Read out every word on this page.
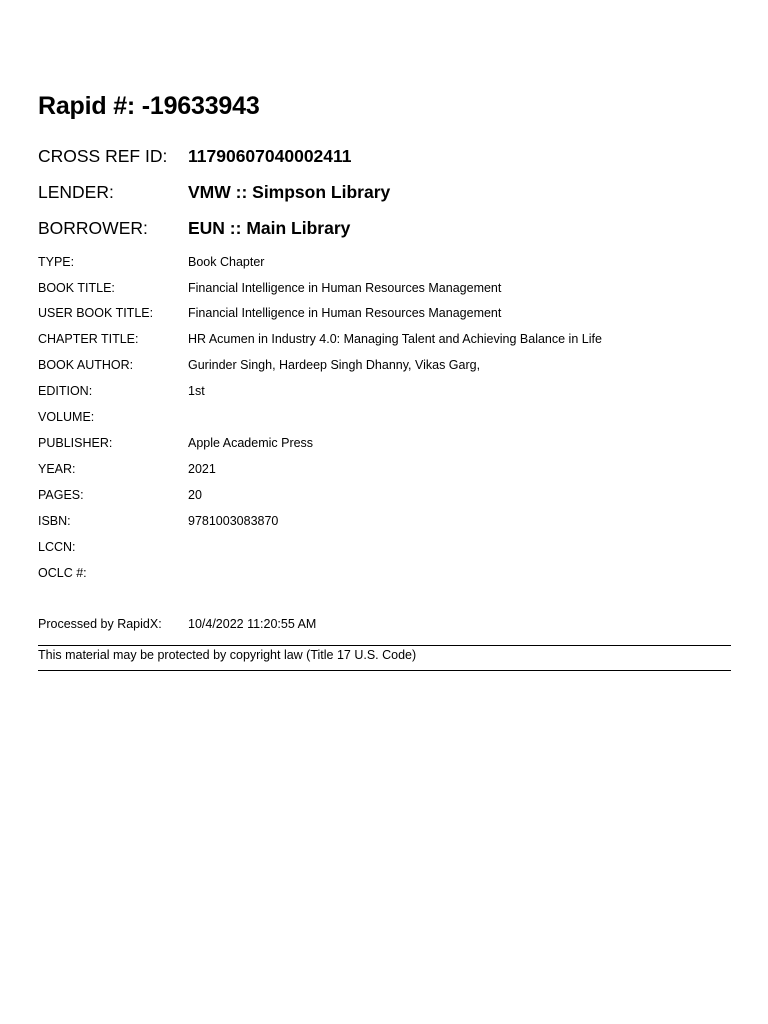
Rapid #: -19633943
CROSS REF ID:	11790607040002411
LENDER:	VMW :: Simpson Library
BORROWER:	EUN :: Main Library
TYPE:	Book Chapter
BOOK TITLE:	Financial Intelligence in Human Resources Management
USER BOOK TITLE:	Financial Intelligence in Human Resources Management
CHAPTER TITLE:	HR Acumen in Industry 4.0: Managing Talent and Achieving Balance in Life
BOOK AUTHOR:	Gurinder Singh, Hardeep Singh Dhanny, Vikas Garg,
EDITION:	1st
VOLUME:
PUBLISHER:	Apple Academic Press
YEAR:	2021
PAGES:	20
ISBN:	9781003083870
LCCN:
OCLC #:
Processed by RapidX:	10/4/2022 11:20:55 AM
This material may be protected by copyright law (Title 17 U.S. Code)
